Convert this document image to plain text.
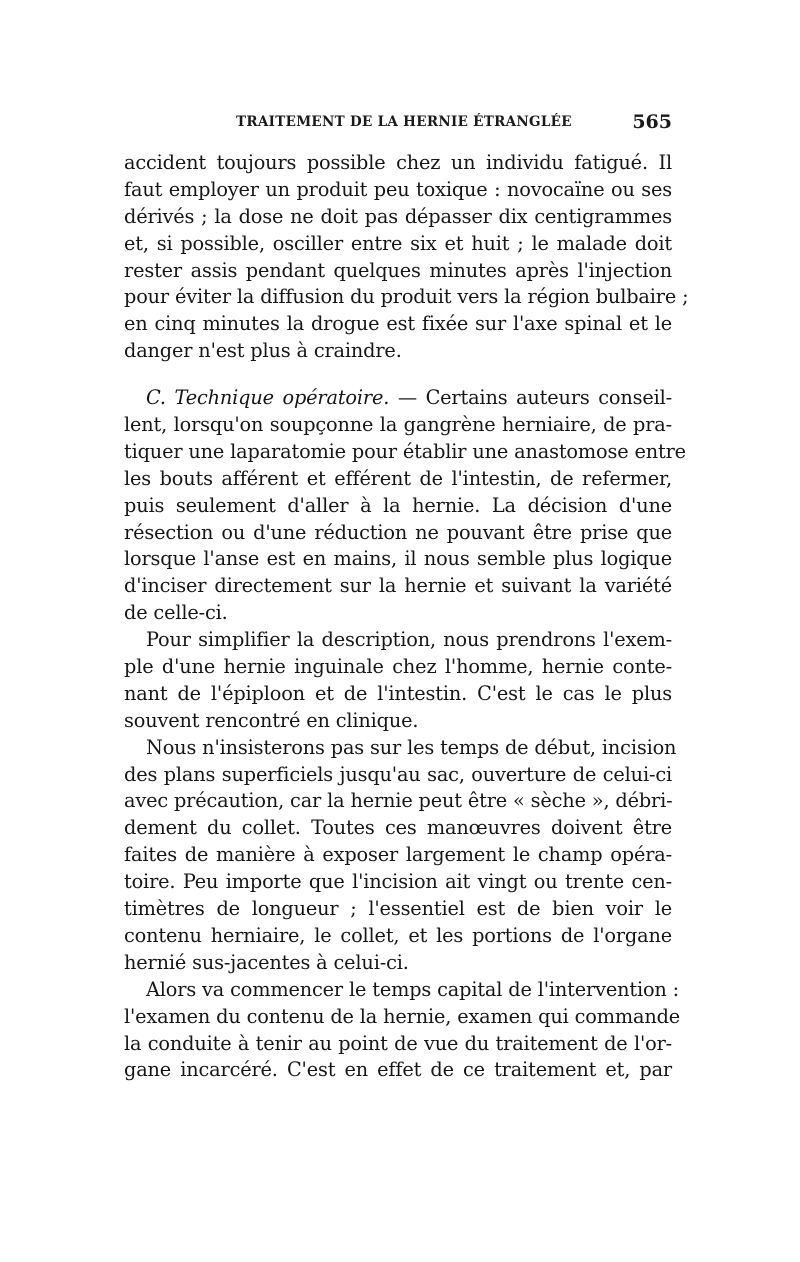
TRAITEMENT DE LA HERNIE ÉTRANGLÉE	565
accident toujours possible chez un individu fatigué. Il
faut employer un produit peu toxique : novocaïne ou ses
dérivés ; la dose ne doit pas dépasser dix centigrammes
et, si possible, osciller entre six et huit ; le malade doit
rester assis pendant quelques minutes après l'injection
pour éviter la diffusion du produit vers la région bulbaire ;
en cinq minutes la drogue est fixée sur l'axe spinal et le
danger n'est plus à craindre.
C. Technique opératoire. — Certains auteurs conseil-
lent, lorsqu'on soupçonne la gangrène herniaire, de pra-
tiquer une laparatomie pour établir une anastomose entre
les bouts afférent et efférent de l'intestin, de refermer,
puis seulement d'aller à la hernie. La décision d'une
résection ou d'une réduction ne pouvant être prise que
lorsque l'anse est en mains, il nous semble plus logique
d'inciser directement sur la hernie et suivant la variété
de celle-ci.
Pour simplifier la description, nous prendrons l'exem-
ple d'une hernie inguinale chez l'homme, hernie conte-
nant de l'épiploon et de l'intestin. C'est le cas le plus
souvent rencontré en clinique.
Nous n'insisterons pas sur les temps de début, incision
des plans superficiels jusqu'au sac, ouverture de celui-ci
avec précaution, car la hernie peut être « sèche », débri-
dement du collet. Toutes ces manœuvres doivent être
faites de manière à exposer largement le champ opéra-
toire. Peu importe que l'incision ait vingt ou trente cen-
timètres de longueur ; l'essentiel est de bien voir le
contenu herniaire, le collet, et les portions de l'organe
hernié sus-jacentes à celui-ci.
Alors va commencer le temps capital de l'intervention :
l'examen du contenu de la hernie, examen qui commande
la conduite à tenir au point de vue du traitement de l'or-
gane incarcéré. C'est en effet de ce traitement et, par
